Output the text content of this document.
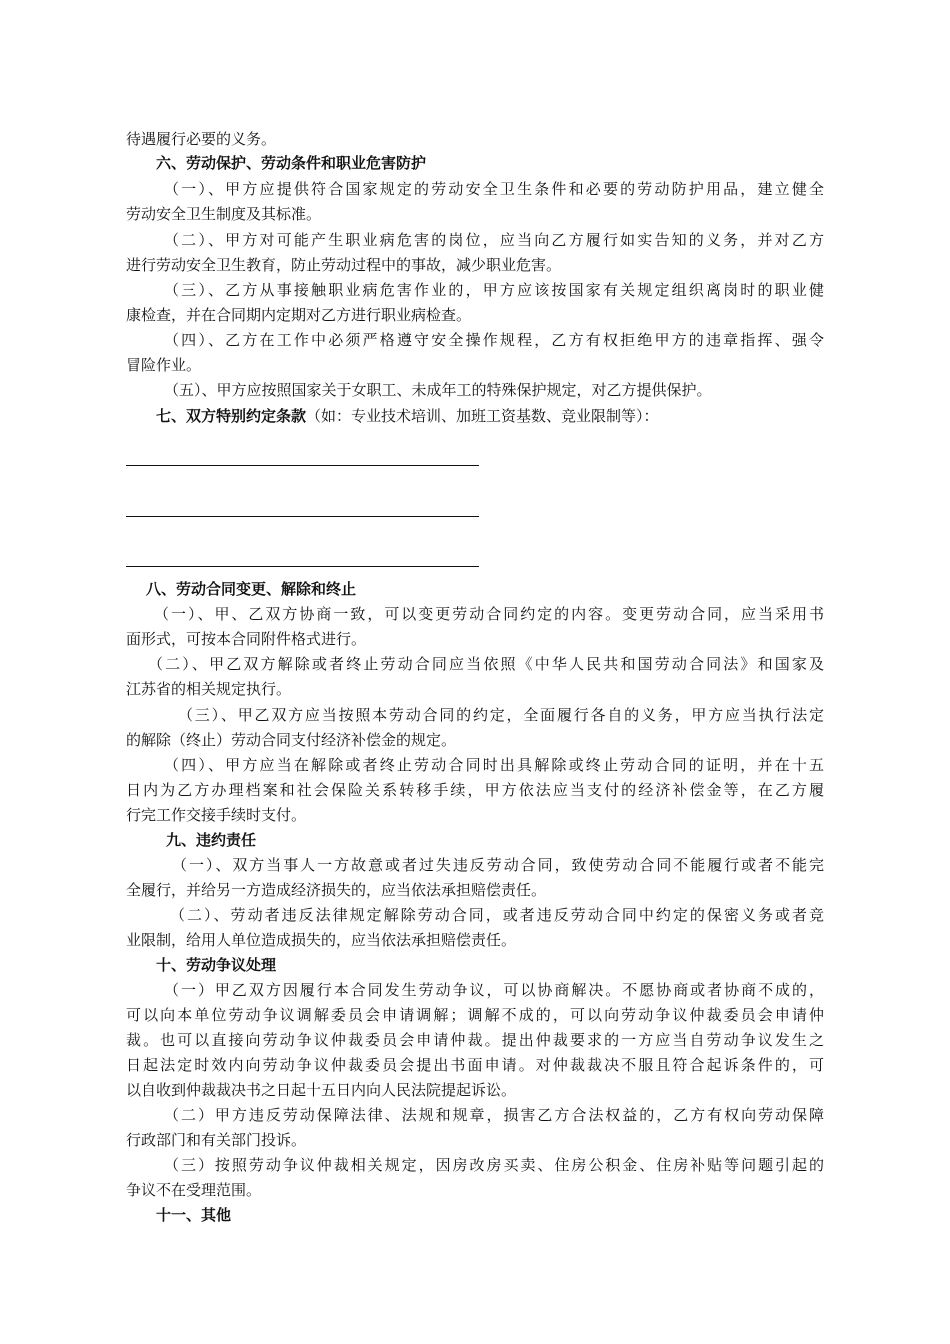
待遇履行必要的义务。
六、劳动保护、劳动条件和职业危害防护
（一）、甲方应提供符合国家规定的劳动安全卫生条件和必要的劳动防护用品，建立健全
劳动安全卫生制度及其标准。
（二）、甲方对可能产生职业病危害的岗位，应当向乙方履行如实告知的义务，并对乙方
进行劳动安全卫生教育，防止劳动过程中的事故，减少职业危害。
（三）、乙方从事接触职业病危害作业的，甲方应该按国家有关规定组织离岗时的职业健
康检查，并在合同期内定期对乙方进行职业病检查。
（四）、乙方在工作中必须严格遵守安全操作规程，乙方有权拒绝甲方的违章指挥、强令
冒险作业。
（五）、甲方应按照国家关于女职工、未成年工的特殊保护规定，对乙方提供保护。
七、双方特别约定条款（如：专业技术培训、加班工资基数、竞业限制等）：
八、劳动合同变更、解除和终止
（一）、甲、乙双方协商一致，可以变更劳动合同约定的内容。变更劳动合同，应当采用书
面形式，可按本合同附件格式进行。
（二）、甲乙双方解除或者终止劳动合同应当依照《中华人民共和国劳动合同法》和国家及
江苏省的相关规定执行。
（三）、甲乙双方应当按照本劳动合同的约定，全面履行各自的义务，甲方应当执行法定
的解除（终止）劳动合同支付经济补偿金的规定。
（四）、甲方应当在解除或者终止劳动合同时出具解除或终止劳动合同的证明，并在十五
日内为乙方办理档案和社会保险关系转移手续，甲方依法应当支付的经济补偿金等，在乙方履
行完工作交接手续时支付。
九、违约责任
（一）、双方当事人一方故意或者过失违反劳动合同，致使劳动合同不能履行或者不能完
全履行，并给另一方造成经济损失的，应当依法承担赔偿责任。
（二）、劳动者违反法律规定解除劳动合同，或者违反劳动合同中约定的保密义务或者竞
业限制，给用人单位造成损失的，应当依法承担赔偿责任。
十、劳动争议处理
（一）甲乙双方因履行本合同发生劳动争议，可以协商解决。不愿协商或者协商不成的，
可以向本单位劳动争议调解委员会申请调解；调解不成的，可以向劳动争议仲裁委员会申请仲
裁。也可以直接向劳动争议仲裁委员会申请仲裁。提出仲裁要求的一方应当自劳动争议发生之
日起法定时效内向劳动争议仲裁委员会提出书面申请。对仲裁裁决不服且符合起诉条件的，可
以自收到仲裁裁决书之日起十五日内向人民法院提起诉讼。
（二）甲方违反劳动保障法律、法规和规章，损害乙方合法权益的，乙方有权向劳动保障
行政部门和有关部门投诉。
（三）按照劳动争议仲裁相关规定，因房改房买卖、住房公积金、住房补贴等问题引起的
争议不在受理范围。
十一、其他
